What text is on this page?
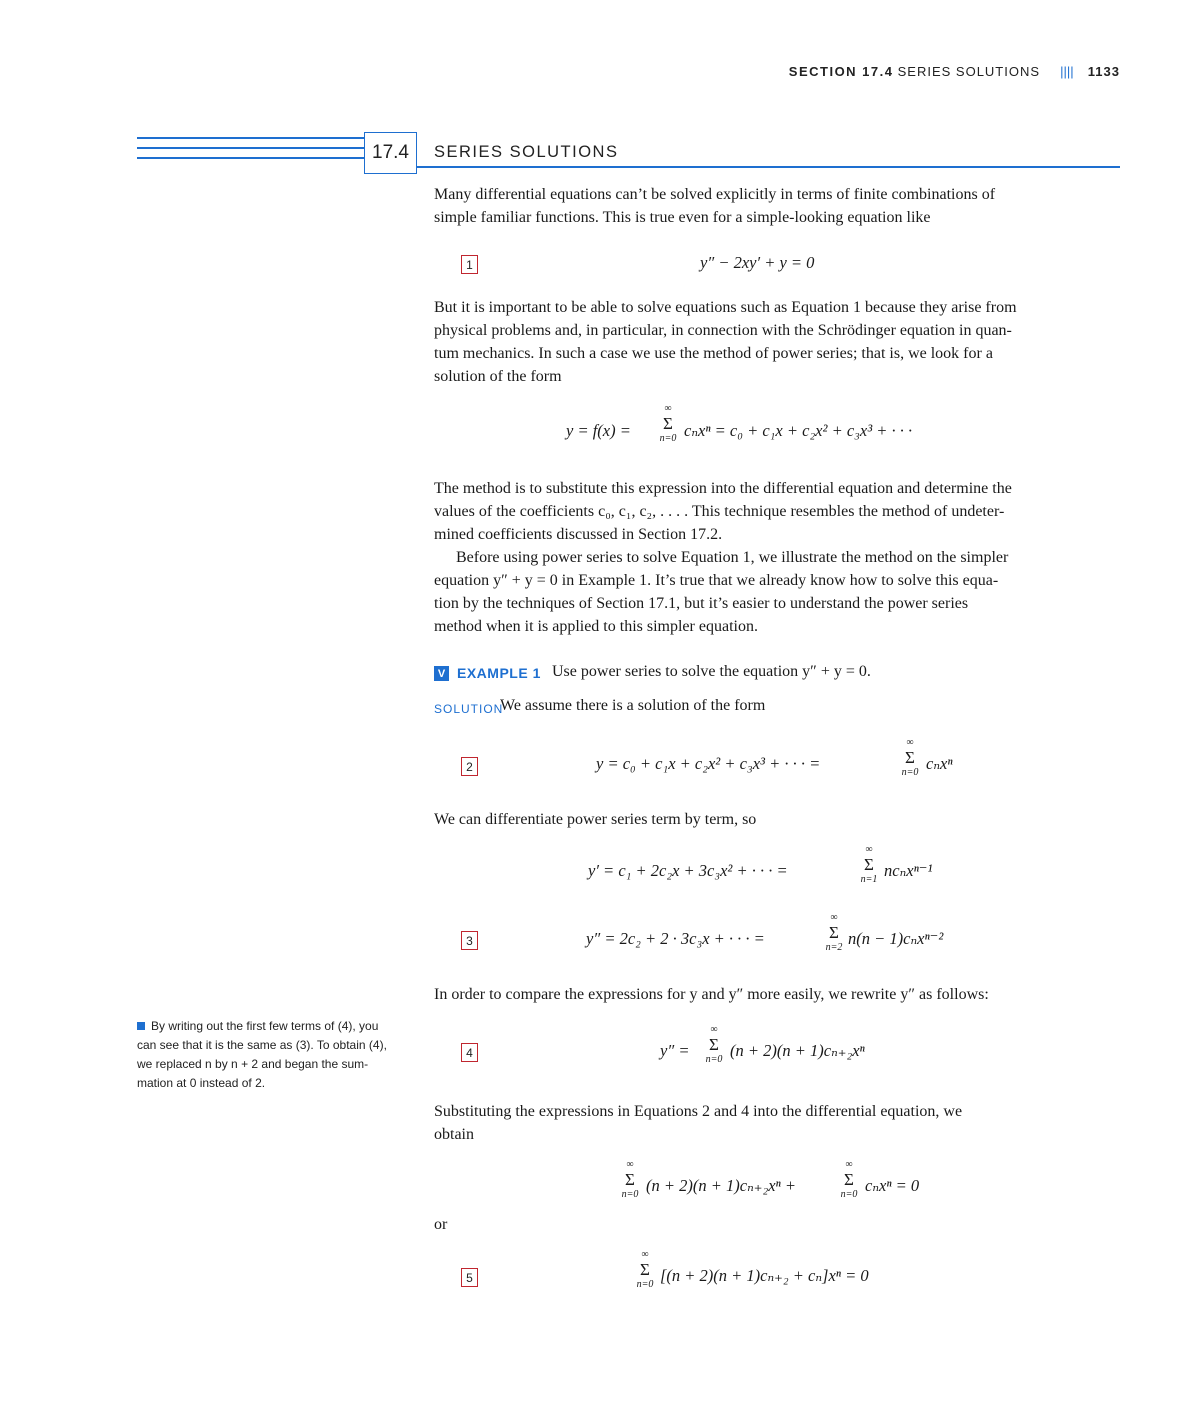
SECTION 17.4 SERIES SOLUTIONS |||| 1133
17.4	SERIES SOLUTIONS

Many differential equations can’t be solved explicitly in terms of finite combinations of

simple familiar functions. This is true even for a simple-looking equation like

1	y″ − 2xy′ + y = 0

But it is important to be able to solve equations such as Equation 1 because they arise from

physical problems and, in particular, in connection with the Schrödinger equation in quan-

tum mechanics. In such a case we use the method of power series; that is, we look for a

solution of the form

y = f(x) =
∞
Σ
n=0 cₙxⁿ = c₀ + c₁x + c₂x² + c₃x³ + · · ·

The method is to substitute this expression into the differential equation and determine the

values of the coefficients c₀, c₁, c₂, . . . . This technique resembles the method of undeter-

mined coefficients discussed in Section 17.2.

Before using power series to solve Equation 1, we illustrate the method on the simpler

equation y″ + y = 0 in Example 1. It’s true that we already know how to solve this equa-

tion by the techniques of Section 17.1, but it’s easier to understand the power series

method when it is applied to this simpler equation.

V EXAMPLE 1 Use power series to solve the equation y″ + y = 0.
SOLUTION
We assume there is a solution of the form
2	y = c₀ + c₁x + c₂x² + c₃x³ + · · · =
∞
Σ
n=0 cₙxⁿ
We can differentiate power series term by term, so
y′ = c₁ + 2c₂x + 3c₃x² + · · · =
∞
Σ
n=1 ncₙxⁿ⁻¹
3	y″ = 2c₂ + 2 · 3c₃x + · · · =
∞
Σ
n=2 n(n − 1)cₙxⁿ⁻²
In order to compare the expressions for y and y″ more easily, we rewrite y″ as follows:
By writing out the first few terms of (4), you
can see that it is the same as (3). To obtain (4),
we replaced n by n + 2 and began the sum-
mation at 0 instead of 2.
4	y″ =
∞
Σ
n=0 (n + 2)(n + 1)cₙ₊₂xⁿ

Substituting the expressions in Equations 2 and 4 into the differential equation, we

obtain

∞
Σ
n=0 (n + 2)(n + 1)cₙ₊₂xⁿ +
∞
Σ
n=0 cₙxⁿ = 0
or
5
∞
Σ
n=0 [(n + 2)(n + 1)cₙ₊₂ + cₙ]xⁿ = 0
